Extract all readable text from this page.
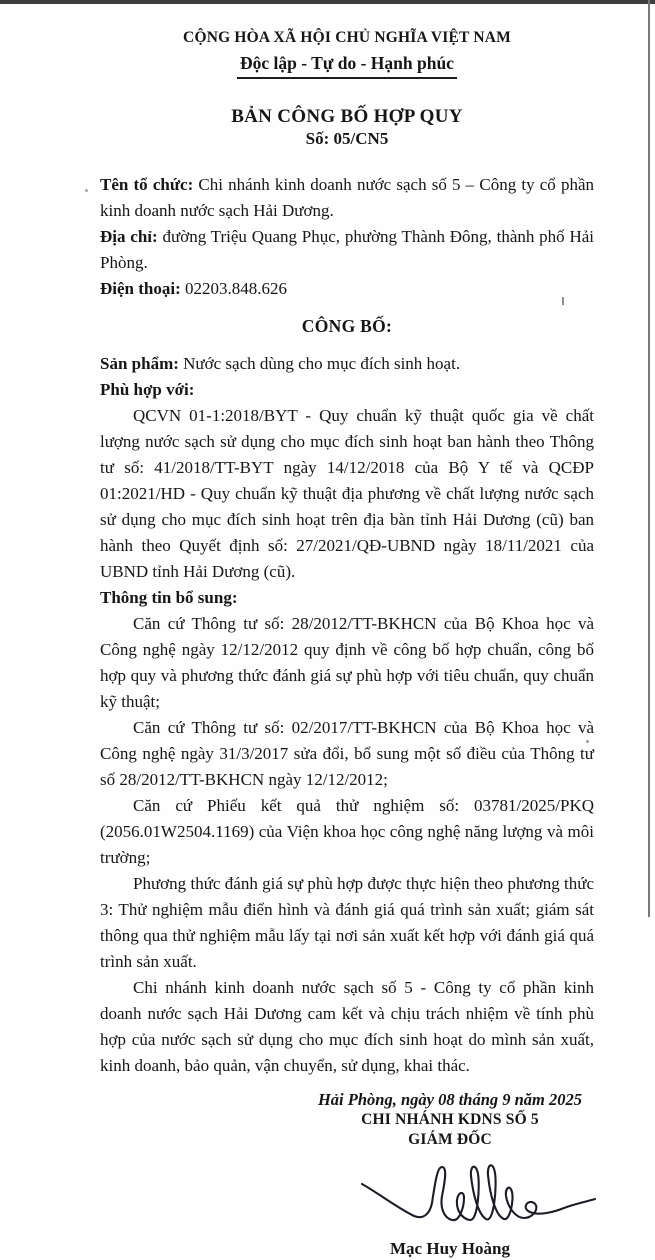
CỘNG HÒA XÃ HỘI CHỦ NGHĨA VIỆT NAM
Độc lập - Tự do - Hạnh phúc
BẢN CÔNG BỐ HỢP QUY
Số: 05/CN5
Tên tổ chức: Chi nhánh kinh doanh nước sạch số 5 – Công ty cổ phần kinh doanh nước sạch Hải Dương.
Địa chỉ: đường Triệu Quang Phục, phường Thành Đông, thành phố Hải Phòng.
Điện thoại: 02203.848.626
CÔNG BỐ:
Sản phẩm: Nước sạch dùng cho mục đích sinh hoạt.
Phù hợp với:
QCVN 01-1:2018/BYT - Quy chuẩn kỹ thuật quốc gia về chất lượng nước sạch sử dụng cho mục đích sinh hoạt ban hành theo Thông tư số: 41/2018/TT-BYT ngày 14/12/2018 của Bộ Y tế và QCĐP 01:2021/HD - Quy chuẩn kỹ thuật địa phương về chất lượng nước sạch sử dụng cho mục đích sinh hoạt trên địa bàn tỉnh Hải Dương (cũ) ban hành theo Quyết định số: 27/2021/QĐ-UBND ngày 18/11/2021 của UBND tỉnh Hải Dương (cũ).
Thông tin bổ sung:
Căn cứ Thông tư số: 28/2012/TT-BKHCN của Bộ Khoa học và Công nghệ ngày 12/12/2012 quy định về công bố hợp chuẩn, công bố hợp quy và phương thức đánh giá sự phù hợp với tiêu chuẩn, quy chuẩn kỹ thuật;
Căn cứ Thông tư số: 02/2017/TT-BKHCN của Bộ Khoa học và Công nghệ ngày 31/3/2017 sửa đổi, bổ sung một số điều của Thông tư số 28/2012/TT-BKHCN ngày 12/12/2012;
Căn cứ Phiếu kết quả thử nghiệm số: 03781/2025/PKQ (2056.01W2504.1169) của Viện khoa học công nghệ năng lượng và môi trường;
Phương thức đánh giá sự phù hợp được thực hiện theo phương thức 3: Thử nghiệm mẫu điển hình và đánh giá quá trình sản xuất; giám sát thông qua thử nghiệm mẫu lấy tại nơi sản xuất kết hợp với đánh giá quá trình sản xuất.
Chi nhánh kinh doanh nước sạch số 5 - Công ty cổ phần kinh doanh nước sạch Hải Dương cam kết và chịu trách nhiệm về tính phù hợp của nước sạch sử dụng cho mục đích sinh hoạt do mình sản xuất, kinh doanh, bảo quản, vận chuyển, sử dụng, khai thác.
Hải Phòng, ngày 08 tháng 9 năm 2025
CHI NHÁNH KDNS SỐ 5
GIÁM ĐỐC
Mạc Huy Hoàng
